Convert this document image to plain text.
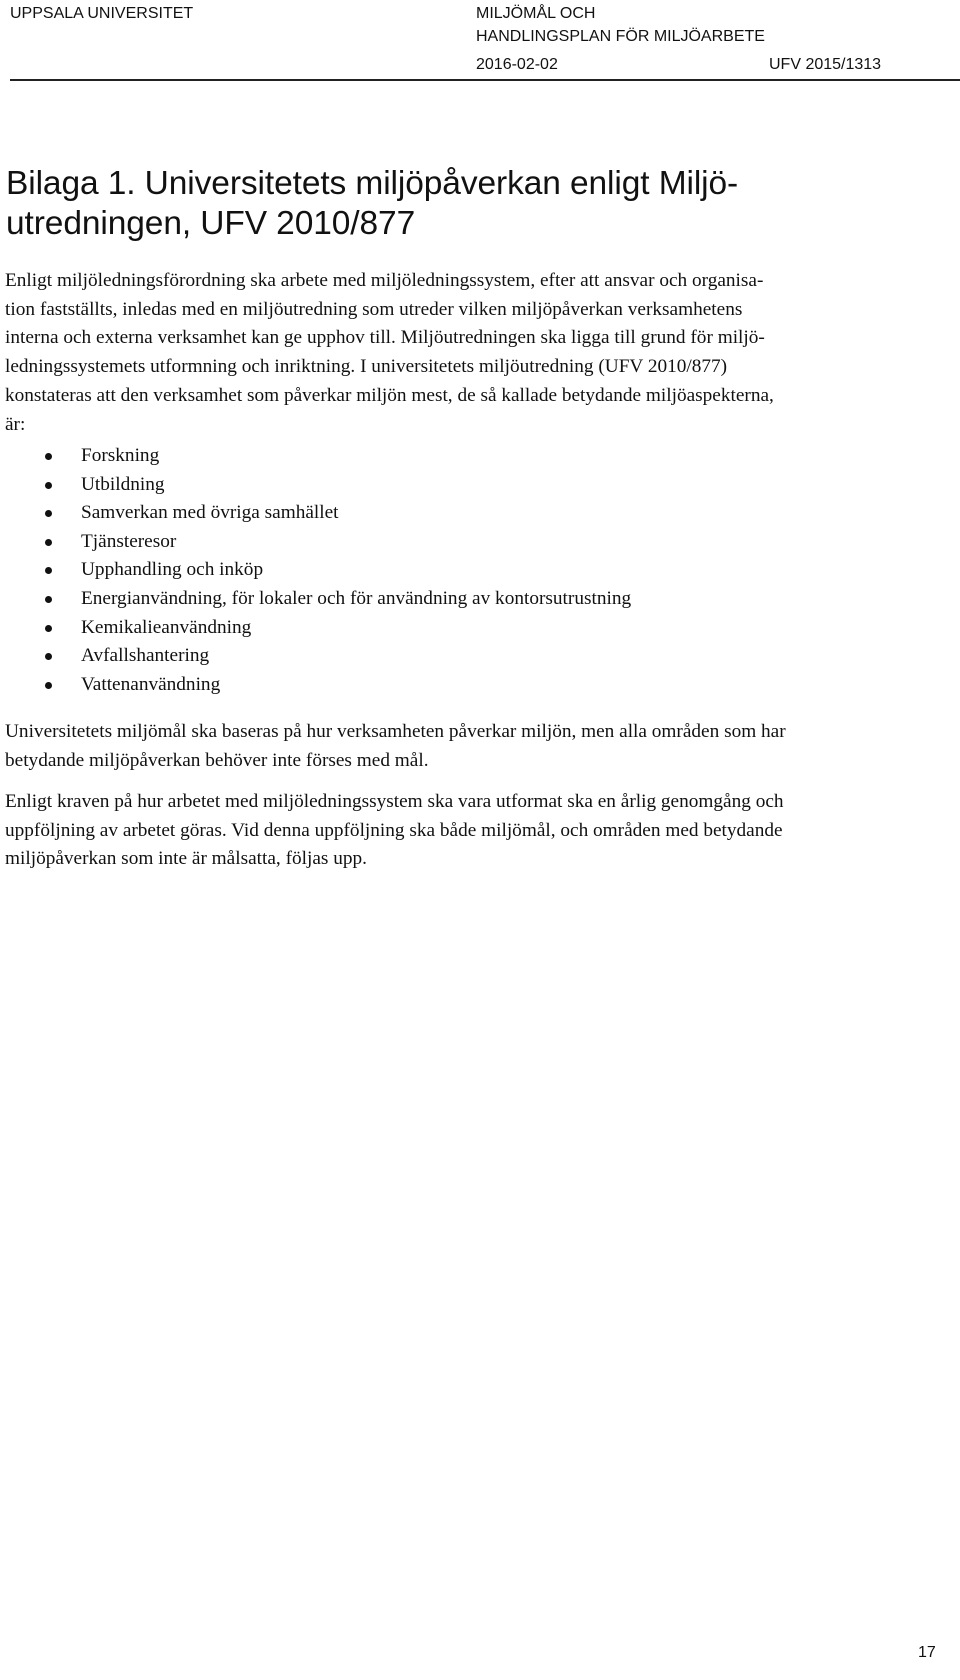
UPPSALA UNIVERSITET	MILJÖMÅL OCH
HANDLINGSPLAN FÖR MILJÖARBETE
2016-02-02	UFV 2015/1313
Bilaga 1. Universitetets miljöpåverkan enligt Miljö-
utredningen, UFV 2010/877

Enligt miljöledningsförordning ska arbete med miljöledningssystem, efter att ansvar och organisa-
tion fastställts, inledas med en miljöutredning som utreder vilken miljöpåverkan verksamhetens
interna och externa verksamhet kan ge upphov till. Miljöutredningen ska ligga till grund för miljö-
ledningssystemets utformning och inriktning. I universitetets miljöutredning (UFV 2010/877)
konstateras att den verksamhet som påverkar miljön mest, de så kallade betydande miljöaspekterna,
är:

Forskning
Utbildning
Samverkan med övriga samhället
Tjänsteresor
Upphandling och inköp
Energianvändning, för lokaler och för användning av kontorsutrustning
Kemikalieanvändning
Avfallshantering
Vattenanvändning

Universitetets miljömål ska baseras på hur verksamheten påverkar miljön, men alla områden som har
betydande miljöpåverkan behöver inte förses med mål.

Enligt kraven på hur arbetet med miljöledningssystem ska vara utformat ska en årlig genomgång och
uppföljning av arbetet göras. Vid denna uppföljning ska både miljömål, och områden med betydande
miljöpåverkan som inte är målsatta, följas upp.

17
